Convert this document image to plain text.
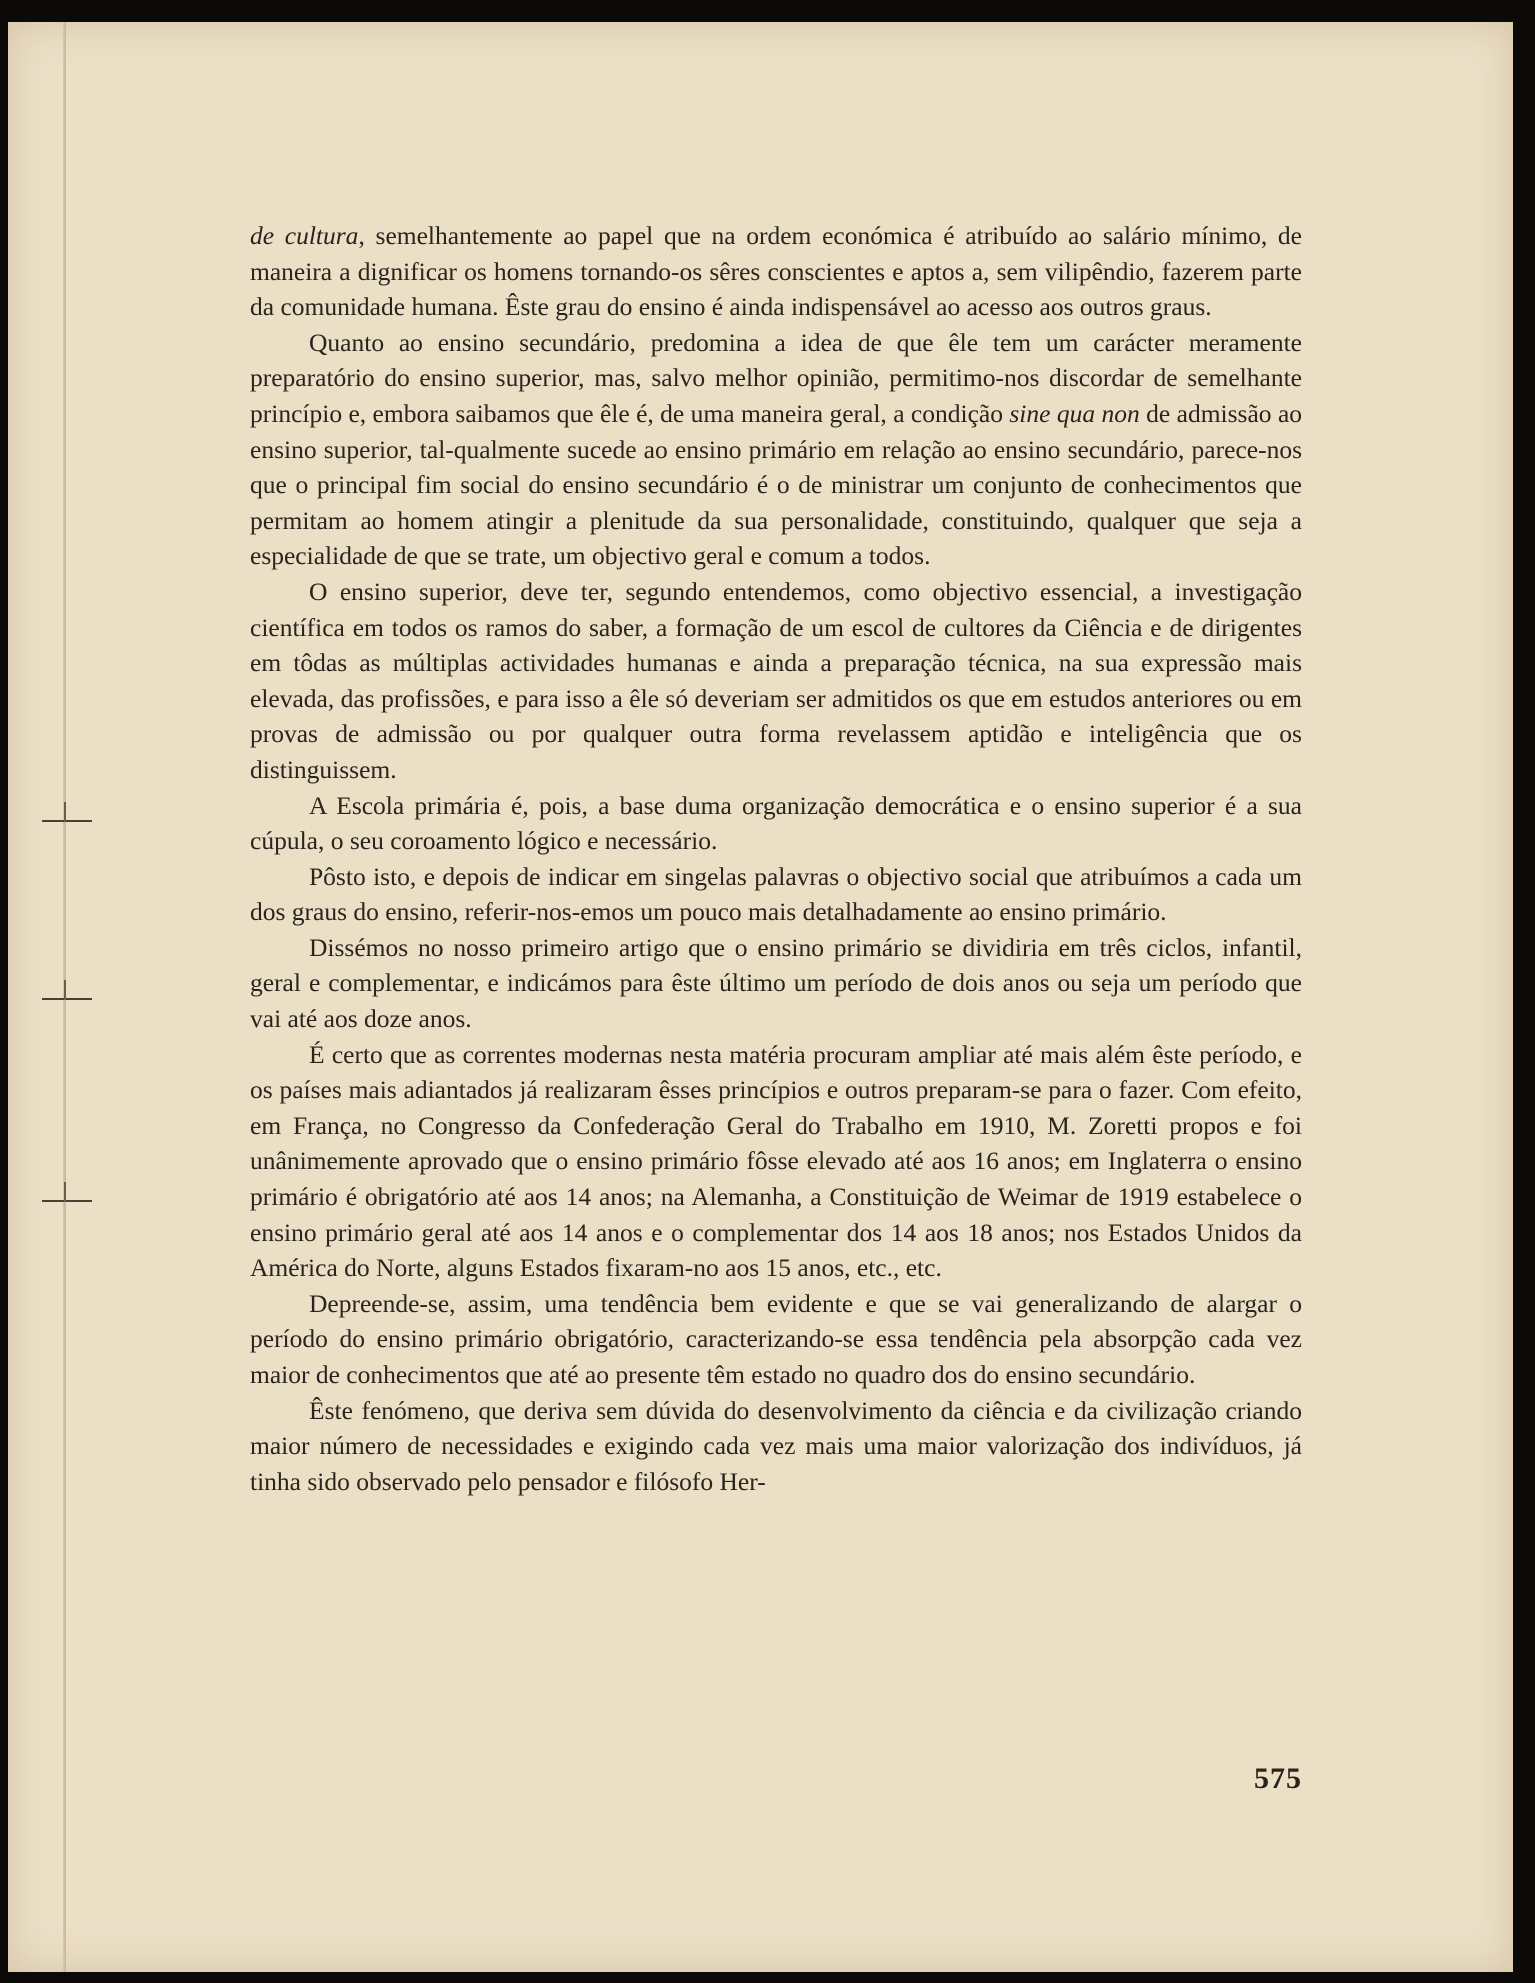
de cultura, semelhantemente ao papel que na ordem económica é atribuído ao salário mínimo, de maneira a dignificar os homens tornando-os sêres conscientes e aptos a, sem vilipêndio, fazerem parte da comunidade humana. Êste grau do ensino é ainda indispensável ao acesso aos outros graus.

Quanto ao ensino secundário, predomina a idea de que êle tem um carácter meramente preparatório do ensino superior, mas, salvo melhor opinião, permitimo-nos discordar de semelhante princípio e, embora saibamos que êle é, de uma maneira geral, a condição sine qua non de admissão ao ensino superior, tal-qualmente sucede ao ensino primário em relação ao ensino secundário, parece-nos que o principal fim social do ensino secundário é o de ministrar um conjunto de conhecimentos que permitam ao homem atingir a plenitude da sua personalidade, constituindo, qualquer que seja a especialidade de que se trate, um objectivo geral e comum a todos.

O ensino superior, deve ter, segundo entendemos, como objectivo essencial, a investigação científica em todos os ramos do saber, a formação de um escol de cultores da Ciência e de dirigentes em tôdas as múltiplas actividades humanas e ainda a preparação técnica, na sua expressão mais elevada, das profissões, e para isso a êle só deveriam ser admitidos os que em estudos anteriores ou em provas de admissão ou por qualquer outra forma revelassem aptidão e inteligência que os distinguissem.

A Escola primária é, pois, a base duma organização democrática e o ensino superior é a sua cúpula, o seu coroamento lógico e necessário.

Pôsto isto, e depois de indicar em singelas palavras o objectivo social que atribuímos a cada um dos graus do ensino, referir-nos-emos um pouco mais detalhadamente ao ensino primário.

Dissémos no nosso primeiro artigo que o ensino primário se dividiria em três ciclos, infantil, geral e complementar, e indicámos para êste último um período de dois anos ou seja um período que vai até aos doze anos.

É certo que as correntes modernas nesta matéria procuram ampliar até mais além êste período, e os países mais adiantados já realizaram êsses princípios e outros preparam-se para o fazer. Com efeito, em França, no Congresso da Confederação Geral do Trabalho em 1910, M. Zoretti propos e foi unânimemente aprovado que o ensino primário fôsse elevado até aos 16 anos; em Inglaterra o ensino primário é obrigatório até aos 14 anos; na Alemanha, a Constituição de Weimar de 1919 estabelece o ensino primário geral até aos 14 anos e o complementar dos 14 aos 18 anos; nos Estados Unidos da América do Norte, alguns Estados fixaram-no aos 15 anos, etc., etc.

Depreende-se, assim, uma tendência bem evidente e que se vai generalizando de alargar o período do ensino primário obrigatório, caracterizando-se essa tendência pela absorpção cada vez maior de conhecimentos que até ao presente têm estado no quadro dos do ensino secundário.

Êste fenómeno, que deriva sem dúvida do desenvolvimento da ciência e da civilização criando maior número de necessidades e exigindo cada vez mais uma maior valorização dos indivíduos, já tinha sido observado pelo pensador e filósofo Her-

575
